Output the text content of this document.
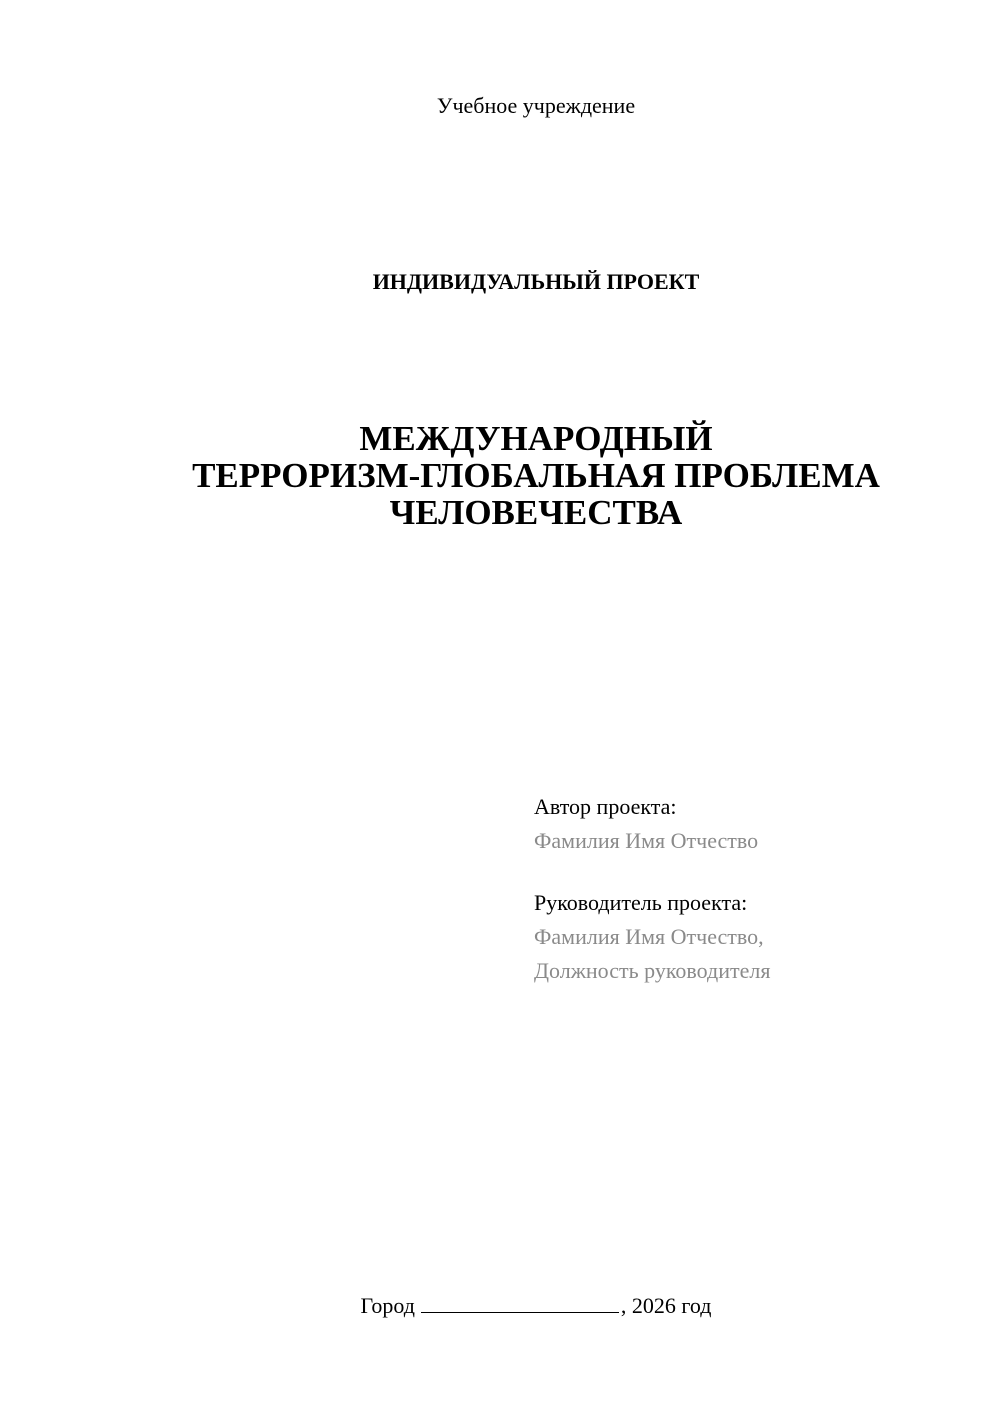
Учебное учреждение
ИНДИВИДУАЛЬНЫЙ ПРОЕКТ
МЕЖДУНАРОДНЫЙ
ТЕРРОРИЗМ-ГЛОБАЛЬНАЯ ПРОБЛЕМА
ЧЕЛОВЕЧЕСТВА
Автор проекта:
Фамилия Имя Отчество
Руководитель проекта:
Фамилия Имя Отчество,
Должность руководителя
Город	, 2026 год
